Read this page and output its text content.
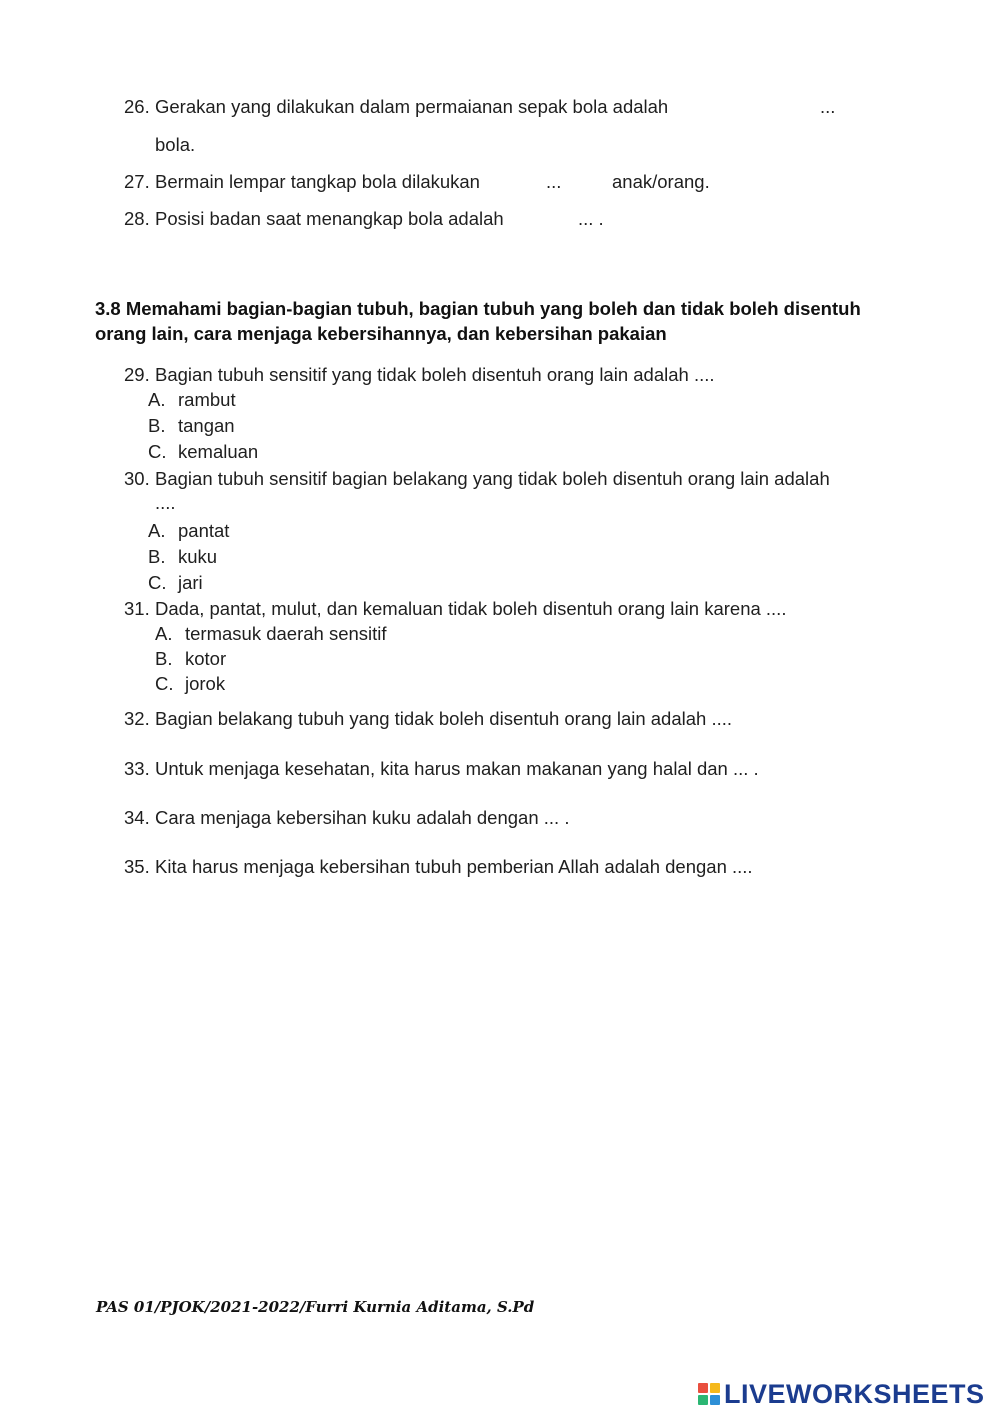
26. Gerakan yang dilakukan dalam permaianan sepak bola adalah	...
bola.
27. Bermain lempar tangkap bola dilakukan	...	anak/orang.
28. Posisi badan saat menangkap bola adalah	... .
3.8 Memahami bagian-bagian tubuh, bagian tubuh yang boleh dan tidak boleh disentuh orang lain, cara menjaga kebersihannya, dan kebersihan pakaian
29. Bagian tubuh sensitif yang tidak boleh disentuh orang lain adalah ....
A. rambut
B. tangan
C. kemaluan
30. Bagian tubuh sensitif bagian belakang yang tidak boleh disentuh orang lain adalah
....
A. pantat
B. kuku
C. jari
31. Dada, pantat, mulut, dan kemaluan tidak boleh disentuh orang lain karena ....
A. termasuk daerah sensitif
B. kotor
C. jorok
32. Bagian belakang tubuh yang tidak boleh disentuh orang lain adalah ....
33. Untuk menjaga kesehatan, kita harus makan makanan yang halal dan ... .
34. Cara menjaga kebersihan kuku adalah dengan ... .
35. Kita harus menjaga kebersihan tubuh pemberian Allah adalah dengan ....
PAS 01/PJOK/2021-2022/Furri Kurnia Aditama, S.Pd
LIVEWORKSHEETS
